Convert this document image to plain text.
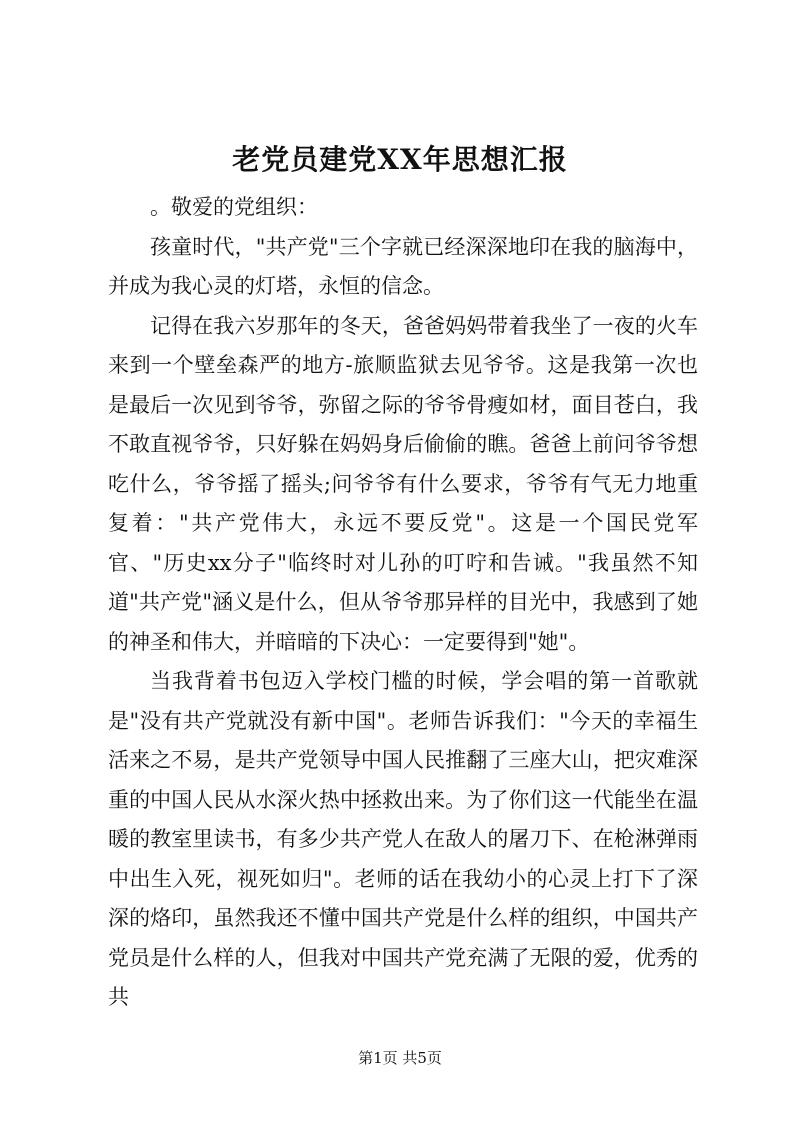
老党员建党XX年思想汇报

。敬爱的党组织：

孩童时代，"共产党"三个字就已经深深地印在我的脑海中，并成为我心灵的灯塔，永恒的信念。

记得在我六岁那年的冬天，爸爸妈妈带着我坐了一夜的火车来到一个壁垒森严的地方-旅顺监狱去见爷爷。这是我第一次也是最后一次见到爷爷，弥留之际的爷爷骨瘦如材，面目苍白，我不敢直视爷爷，只好躲在妈妈身后偷偷的瞧。爸爸上前问爷爷想吃什么，爷爷摇了摇头;问爷爷有什么要求，爷爷有气无力地重复着："共产党伟大，永远不要反党"。这是一个国民党军官、"历史xx分子"临终时对儿孙的叮咛和告诫。"我虽然不知道"共产党"涵义是什么，但从爷爷那异样的目光中，我感到了她的神圣和伟大，并暗暗的下决心：一定要得到"她"。

当我背着书包迈入学校门槛的时候，学会唱的第一首歌就是"没有共产党就没有新中国"。老师告诉我们："今天的幸福生活来之不易，是共产党领导中国人民推翻了三座大山，把灾难深重的中国人民从水深火热中拯救出来。为了你们这一代能坐在温暖的教室里读书，有多少共产党人在敌人的屠刀下、在枪淋弹雨中出生入死，视死如归"。老师的话在我幼小的心灵上打下了深深的烙印，虽然我还不懂中国共产党是什么样的组织，中国共产党员是什么样的人，但我对中国共产党充满了无限的爱，优秀的共

第1页 共5页
